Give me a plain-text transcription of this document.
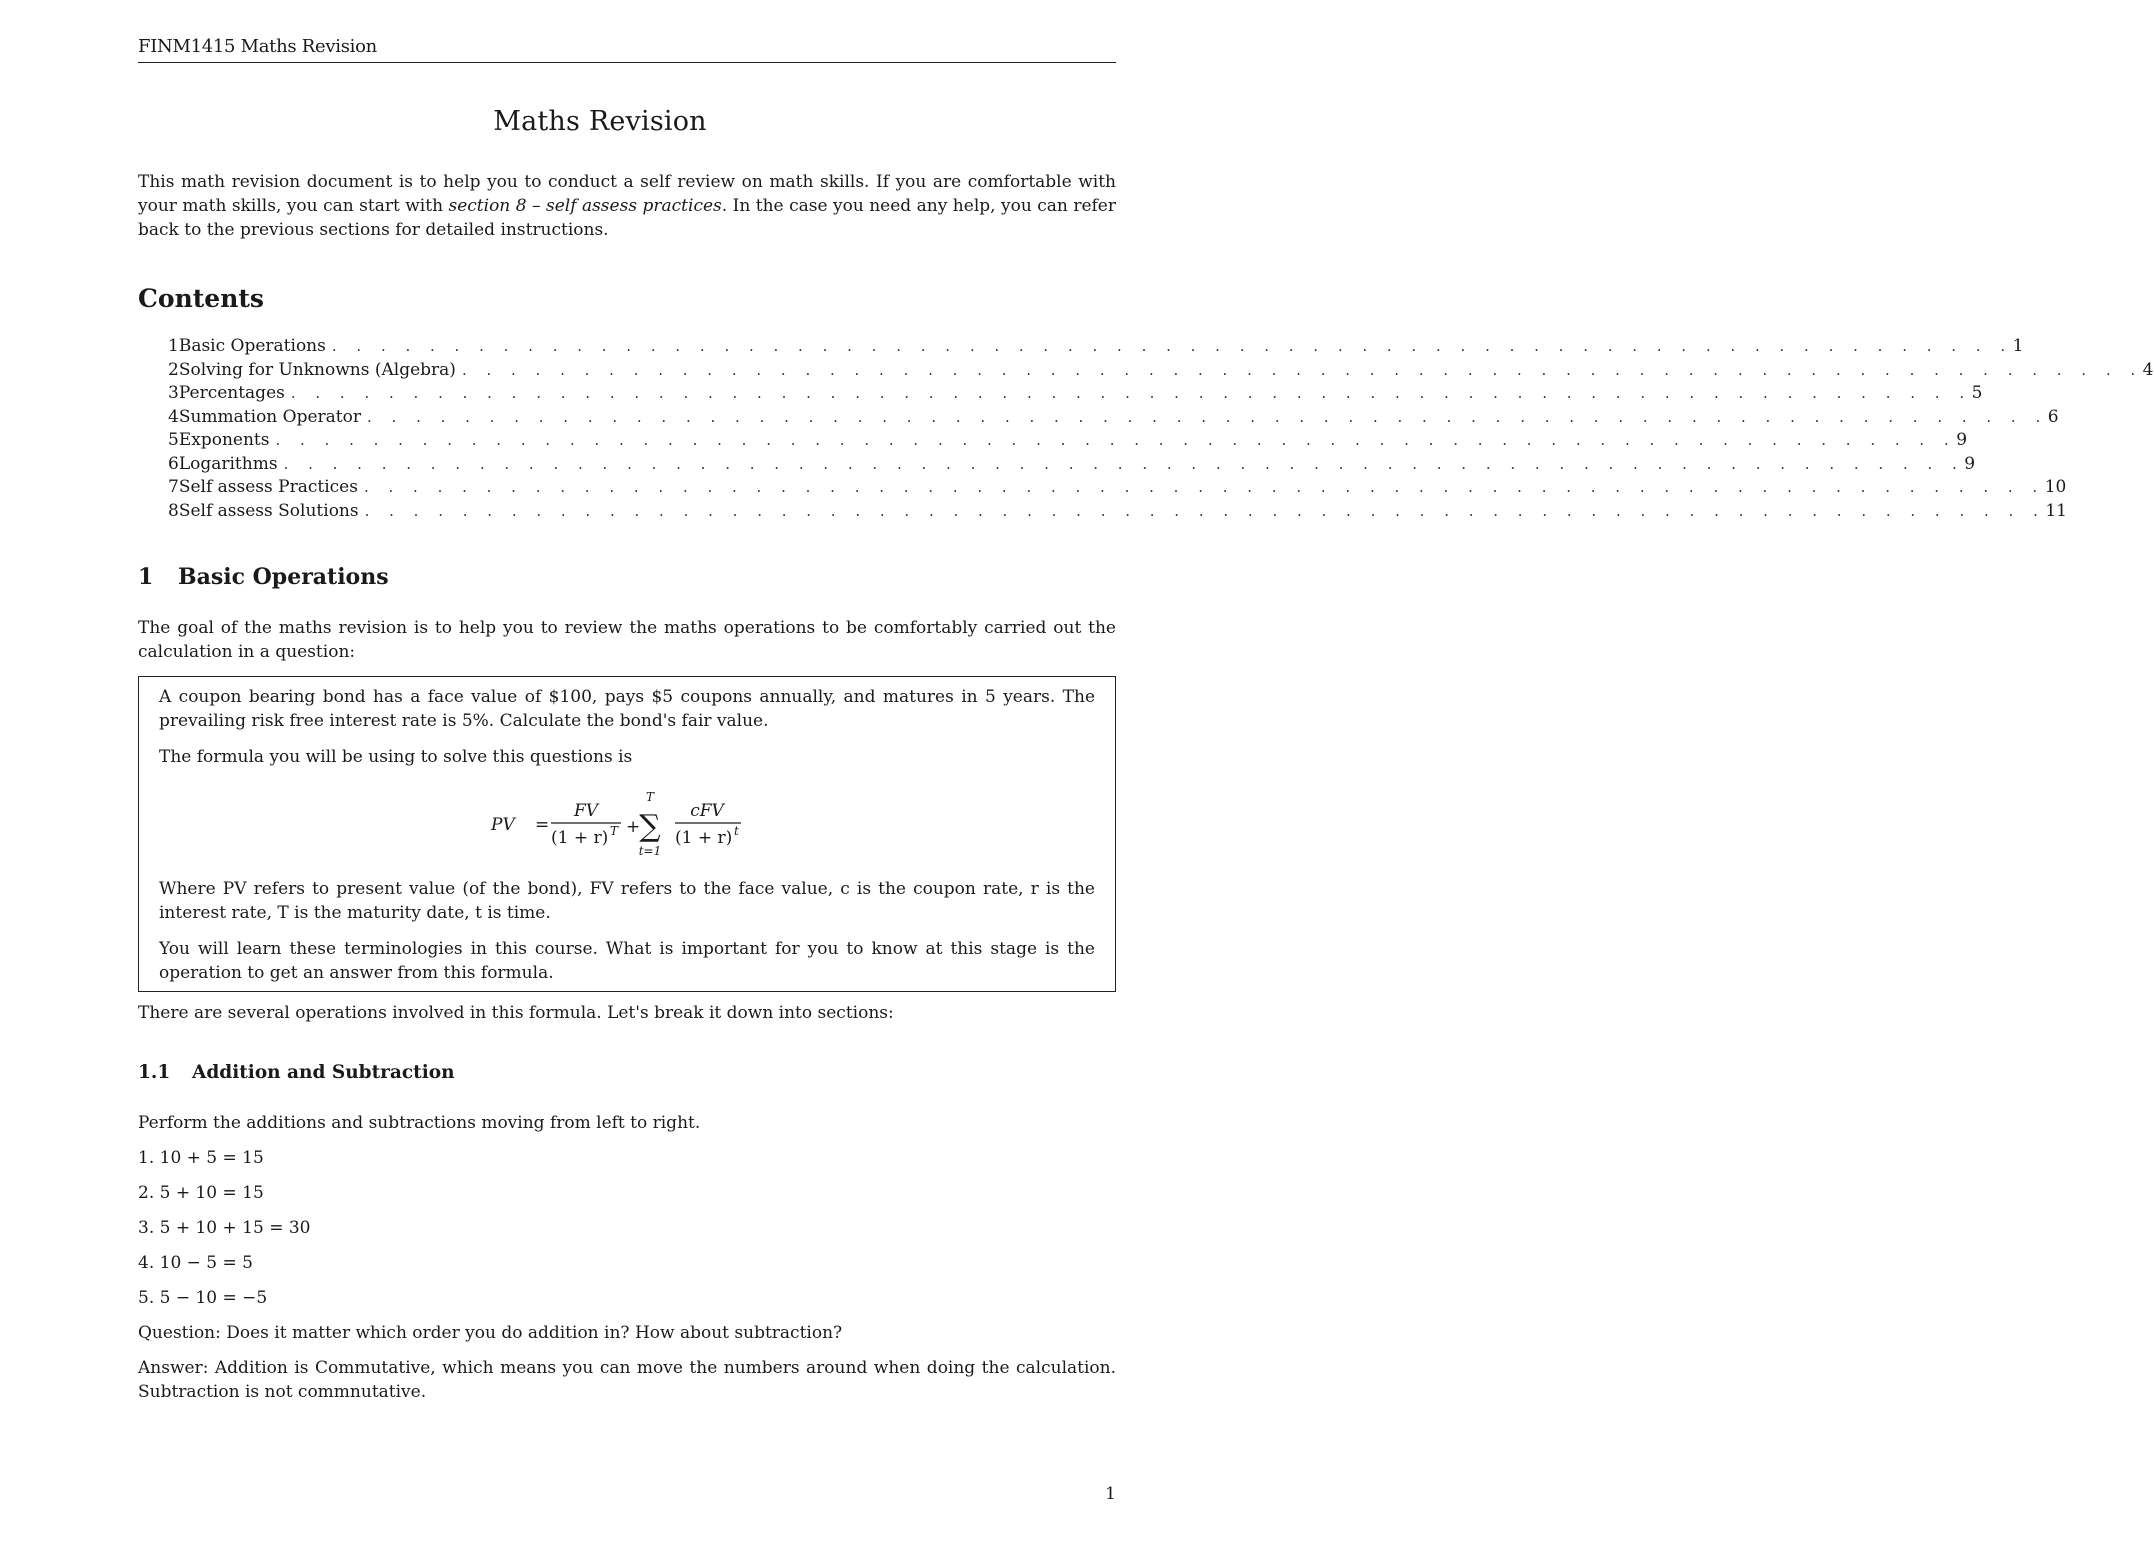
FINM1415 Maths Revision
Maths Revision

This math revision document is to help you to conduct a self review on math skills. If you are comfortable with your math skills, you can start with section 8 – self assess practices. In the case you need any help, you can refer back to the previous sections for detailed instructions.

Contents
1 Basic Operations . . . . . . . . . . . . . . . . . . . . . . . . . . . . . . . . . . . . . . . . . . . . . . . . . . . . . . . . . . . . . . . . . . . . . 1
2 Solving for Unknowns (Algebra) . . . . . . . . . . . . . . . . . . . . . . . . . . . . . . . . . . . . . . . . . . . . . . . . . . . . . . . . . . . . . . . . . . . . . 4
3 Percentages . . . . . . . . . . . . . . . . . . . . . . . . . . . . . . . . . . . . . . . . . . . . . . . . . . . . . . . . . . . . . . . . . . . . . 5
4 Summation Operator . . . . . . . . . . . . . . . . . . . . . . . . . . . . . . . . . . . . . . . . . . . . . . . . . . . . . . . . . . . . . . . . . . . . . 6
5 Exponents . . . . . . . . . . . . . . . . . . . . . . . . . . . . . . . . . . . . . . . . . . . . . . . . . . . . . . . . . . . . . . . . . . . . . 9
6 Logarithms . . . . . . . . . . . . . . . . . . . . . . . . . . . . . . . . . . . . . . . . . . . . . . . . . . . . . . . . . . . . . . . . . . . . . 9
7 Self assess Practices . . . . . . . . . . . . . . . . . . . . . . . . . . . . . . . . . . . . . . . . . . . . . . . . . . . . . . . . . . . . . . . . . . . . . 10
8 Self assess Solutions . . . . . . . . . . . . . . . . . . . . . . . . . . . . . . . . . . . . . . . . . . . . . . . . . . . . . . . . . . . . . . . . . . . . . 11
1 Basic Operations

The goal of the maths revision is to help you to review the maths operations to be comfortably carried out the calculation in a question:

A coupon bearing bond has a face value of $100, pays $5 coupons annually, and matures in 5 years. The prevailing risk free interest rate is 5%. Calculate the bond's fair value.

The formula you will be using to solve this questions is

PV =
FV
(1 + r) T +
T
∑
t=1
cFV
(1 + r) t

Where PV refers to present value (of the bond), FV refers to the face value, c is the coupon rate, r is the interest rate, T is the maturity date, t is time.

You will learn these terminologies in this course. What is important for you to know at this stage is the operation to get an answer from this formula.

There are several operations involved in this formula. Let's break it down into sections:

1.1 Addition and Subtraction

Perform the additions and subtractions moving from left to right.

1. 10 + 5 = 15
2. 5 + 10 = 15
3. 5 + 10 + 15 = 30
4. 10 − 5 = 5
5. 5 − 10 = −5

Question: Does it matter which order you do addition in? How about subtraction?

Answer: Addition is Commutative, which means you can move the numbers around when doing the calculation. Subtraction is not commnutative.

1
